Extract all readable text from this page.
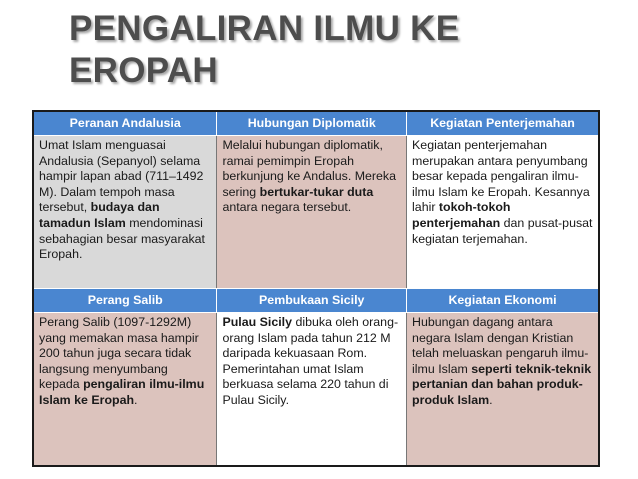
PENGALIRAN ILMU KE
EROPAH
Peranan Andalusia	Hubungan Diplomatik	Kegiatan Penterjemahan
Umat Islam menguasai Andalusia (Sepanyol) selama hampir lapan abad (711–1492 M). Dalam tempoh masa tersebut, budaya dan tamadun Islam mendominasi sebahagian besar masyarakat Eropah.	Melalui hubungan diplomatik, ramai pemimpin Eropah berkunjung ke Andalus. Mereka sering bertukar-tukar duta antara negara tersebut.	Kegiatan penterjemahan merupakan antara penyumbang besar kepada pengaliran ilmu-ilmu Islam ke Eropah. Kesannya lahir tokoh-tokoh penterjemahan dan pusat-pusat kegiatan terjemahan.
Perang Salib	Pembukaan Sicily	Kegiatan Ekonomi
Perang Salib (1097-1292M) yang memakan masa hampir 200 tahun juga secara tidak langsung menyumbang kepada pengaliran ilmu-ilmu Islam ke Eropah.	Pulau Sicily dibuka oleh orang-orang Islam pada tahun 212 M daripada kekuasaan Rom. Pemerintahan umat Islam berkuasa selama 220 tahun di Pulau Sicily.	Hubungan dagang antara negara Islam dengan Kristian telah meluaskan pengaruh ilmu-ilmu Islam seperti teknik-teknik pertanian dan bahan produk-produk Islam.
